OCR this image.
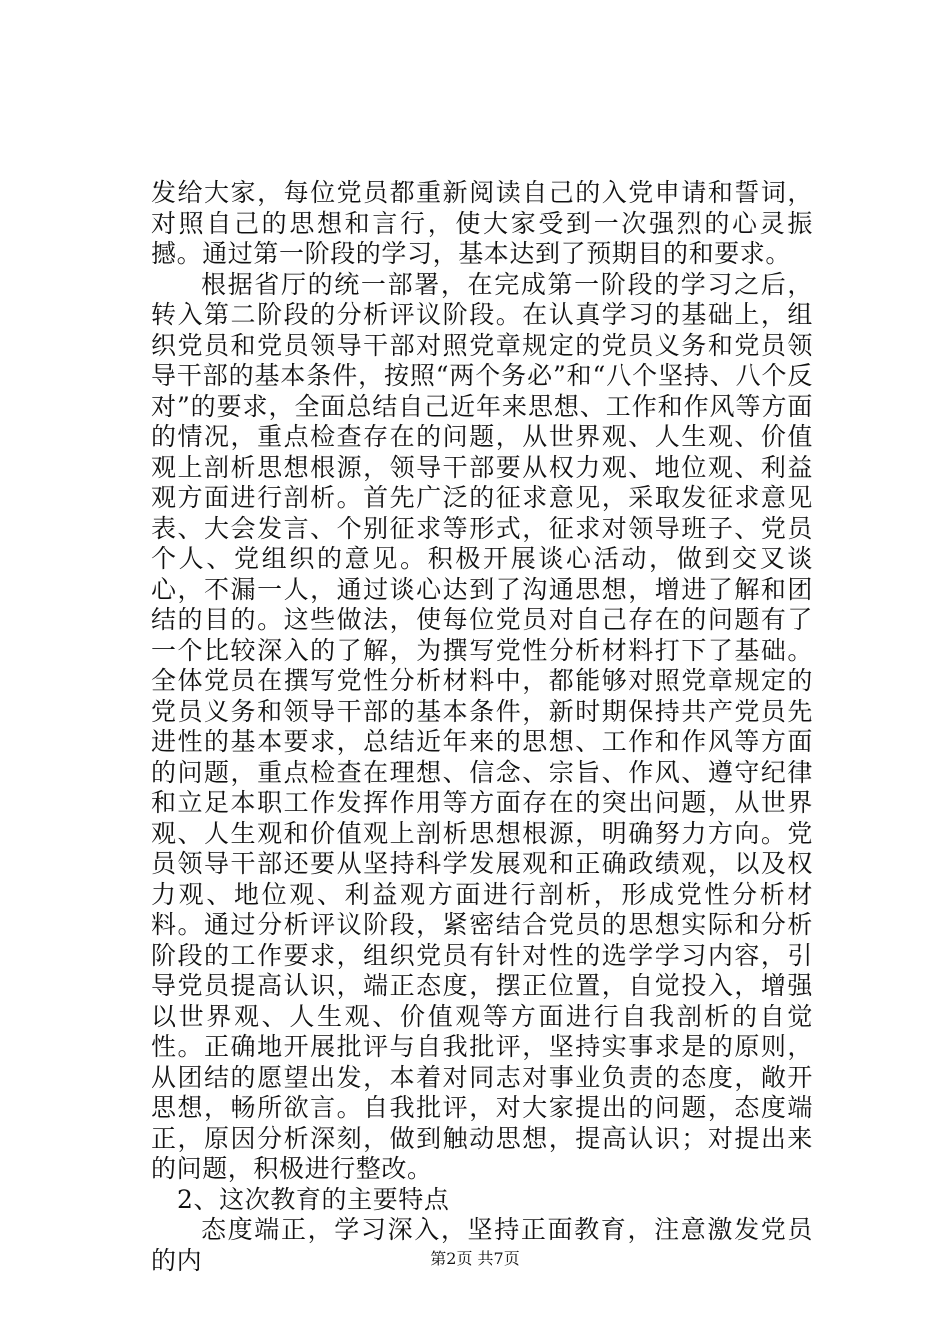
发给大家，每位党员都重新阅读自己的入党申请和誓词，对照自己的思想和言行，使大家受到一次强烈的心灵振撼。通过第一阶段的学习，基本达到了预期目的和要求。

根据省厅的统一部署，在完成第一阶段的学习之后，转入第二阶段的分析评议阶段。在认真学习的基础上，组织党员和党员领导干部对照党章规定的党员义务和党员领导干部的基本条件，按照“两个务必”和“八个坚持、八个反对”的要求，全面总结自己近年来思想、工作和作风等方面的情况，重点检查存在的问题，从世界观、人生观、价值观上剖析思想根源，领导干部要从权力观、地位观、利益观方面进行剖析。首先广泛的征求意见，采取发征求意见表、大会发言、个别征求等形式，征求对领导班子、党员个人、党组织的意见。积极开展谈心活动，做到交叉谈心，不漏一人，通过谈心达到了沟通思想，增进了解和团结的目的。这些做法，使每位党员对自己存在的问题有了一个比较深入的了解，为撰写党性分析材料打下了基础。全体党员在撰写党性分析材料中，都能够对照党章规定的党员义务和领导干部的基本条件，新时期保持共产党员先进性的基本要求，总结近年来的思想、工作和作风等方面的问题，重点检查在理想、信念、宗旨、作风、遵守纪律和立足本职工作发挥作用等方面存在的突出问题，从世界观、人生观和价值观上剖析思想根源，明确努力方向。党员领导干部还要从坚持科学发展观和正确政绩观，以及权力观、地位观、利益观方面进行剖析，形成党性分析材料。通过分析评议阶段，紧密结合党员的思想实际和分析阶段的工作要求，组织党员有针对性的选学学习内容，引导党员提高认识，端正态度，摆正位置，自觉投入，增强以世界观、人生观、价值观等方面进行自我剖析的自觉性。正确地开展批评与自我批评，坚持实事求是的原则，从团结的愿望出发，本着对同志对事业负责的态度，敞开思想，畅所欲言。自我批评，对大家提出的问题，态度端正，原因分析深刻，做到触动思想，提高认识；对提出来的问题，积极进行整改。

2、这次教育的主要特点

态度端正，学习深入，坚持正面教育，注意激发党员的内	第2页 共7页
